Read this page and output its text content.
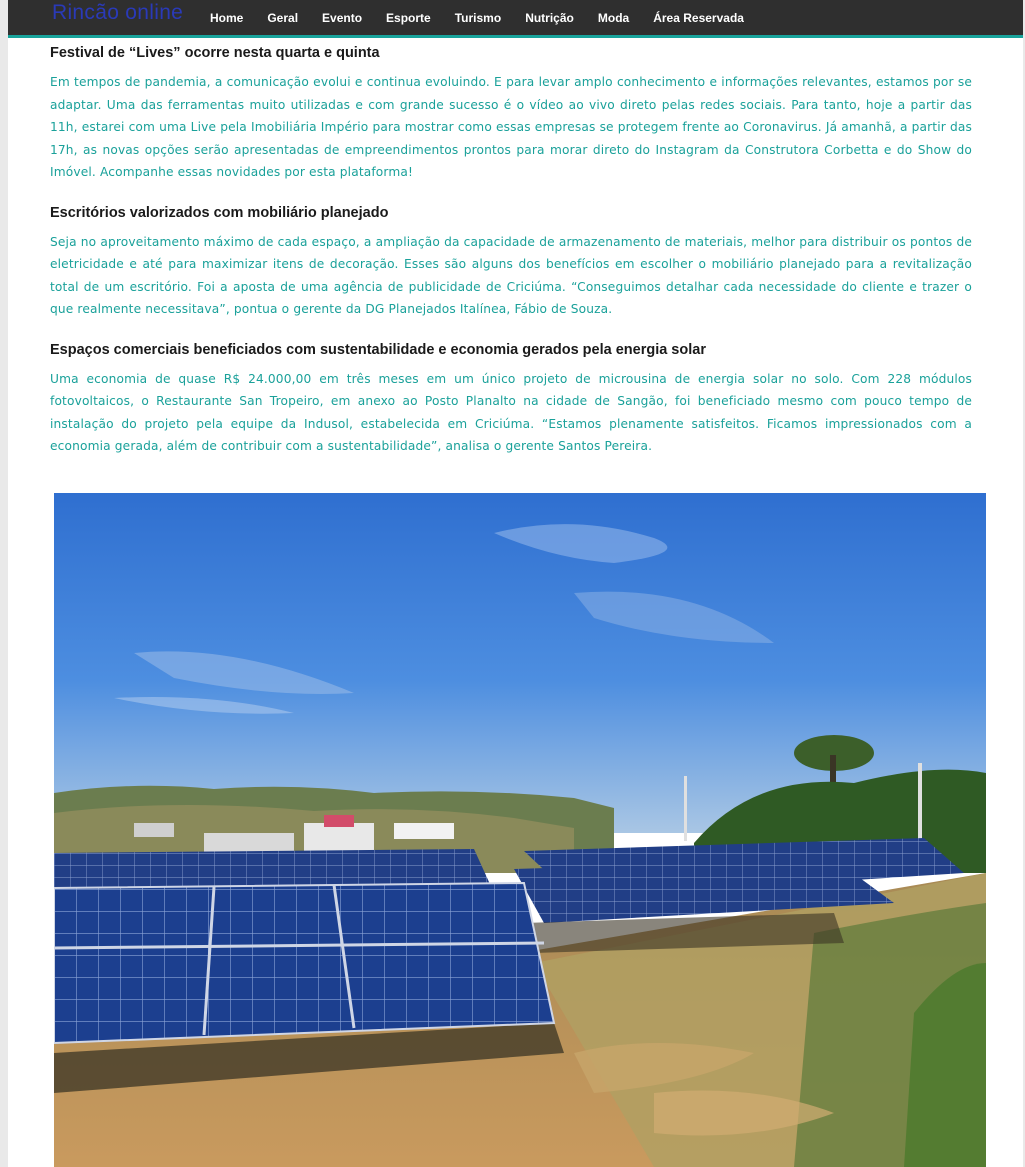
Rincão online Home Geral Evento Esporte Turismo Nutrição Moda Área Reservada
Festival de “Lives” ocorre nesta quarta e quinta

Em tempos de pandemia, a comunicação evolui e continua evoluindo. E para levar amplo conhecimento e informações relevantes, estamos por se adaptar. Uma das ferramentas muito utilizadas e com grande sucesso é o vídeo ao vivo direto pelas redes sociais. Para tanto, hoje a partir das 11h, estarei com uma Live pela Imobiliária Império para mostrar como essas empresas se protegem frente ao Coronavirus. Já amanhã, a partir das 17h, as novas opções serão apresentadas de empreendimentos prontos para morar direto do Instagram da Construtora Corbetta e do Show do Imóvel. Acompanhe essas novidades por esta plataforma!

Escritórios valorizados com mobiliário planejado

Seja no aproveitamento máximo de cada espaço, a ampliação da capacidade de armazenamento de materiais, melhor para distribuir os pontos de eletricidade e até para maximizar itens de decoração. Esses são alguns dos benefícios em escolher o mobiliário planejado para a revitalização total de um escritório. Foi a aposta de uma agência de publicidade de Criciúma. “Conseguimos detalhar cada necessidade do cliente e trazer o que realmente necessitava”, pontua o gerente da DG Planejados Italínea, Fábio de Souza.

Espaços comerciais beneficiados com sustentabilidade e economia gerados pela energia solar

Uma economia de quase R$ 24.000,00 em três meses em um único projeto de microusina de energia solar no solo. Com 228 módulos fotovoltaicos, o Restaurante San Tropeiro, em anexo ao Posto Planalto na cidade de Sangão, foi beneficiado mesmo com pouco tempo de instalação do projeto pela equipe da Indusol, estabelecida em Criciúma. “Estamos plenamente satisfeitos. Ficamos impressionados com a economia gerada, além de contribuir com a sustentabilidade”, analisa o gerente Santos Pereira.
